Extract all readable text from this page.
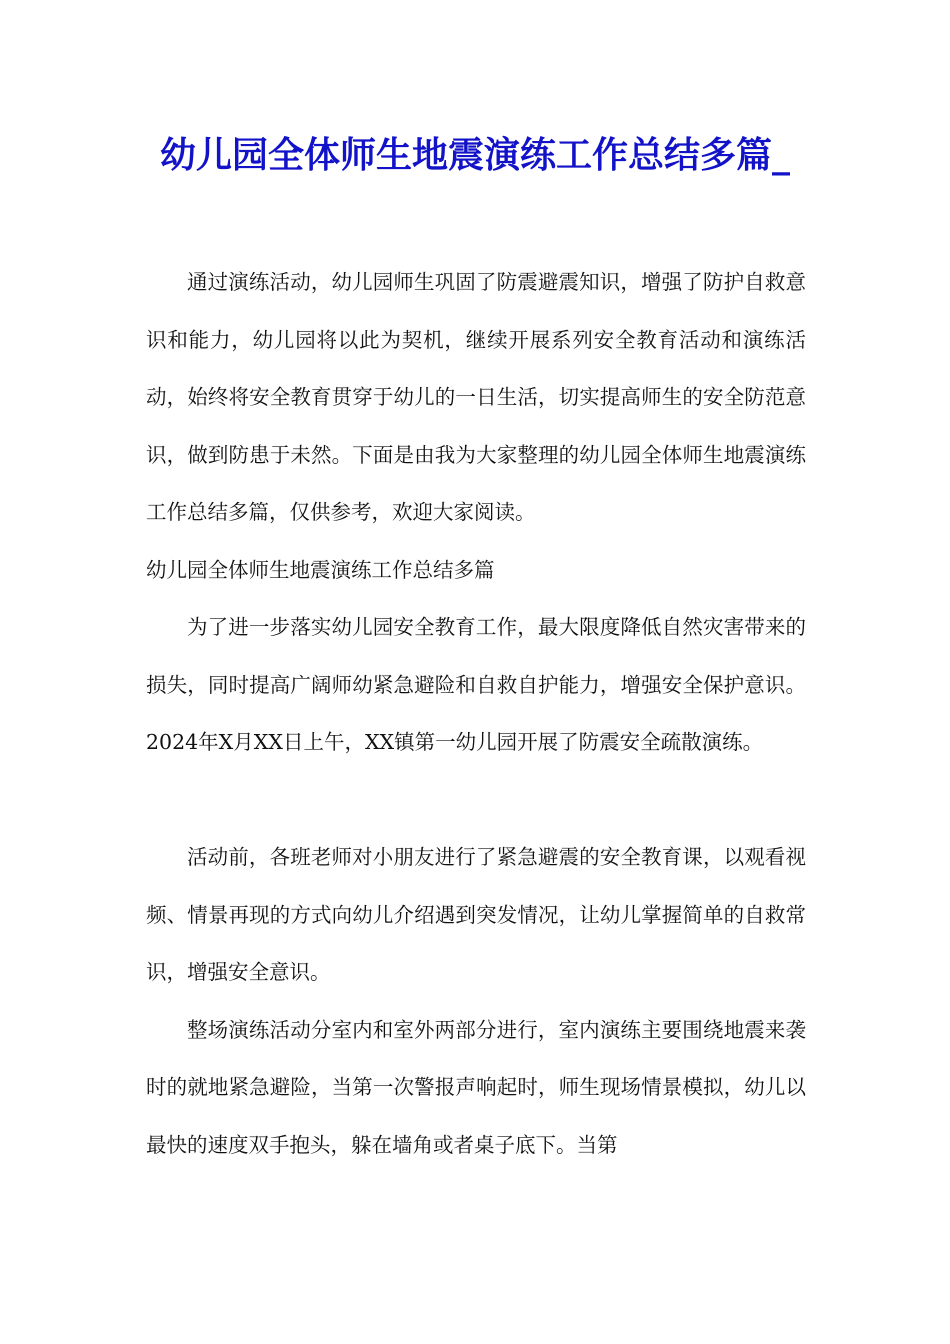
幼儿园全体师生地震演练工作总结多篇_

通过演练活动，幼儿园师生巩固了防震避震知识，增强了防护自救意识和能力，幼儿园将以此为契机，继续开展系列安全教育活动和演练活动，始终将安全教育贯穿于幼儿的一日生活，切实提高师生的安全防范意识，做到防患于未然。下面是由我为大家整理的幼儿园全体师生地震演练工作总结多篇，仅供参考，欢迎大家阅读。

幼儿园全体师生地震演练工作总结多篇

为了进一步落实幼儿园安全教育工作，最大限度降低自然灾害带来的损失，同时提高广阔师幼紧急避险和自救自护能力，增强安全保护意识。2024年X月XX日上午，XX镇第一幼儿园开展了防震安全疏散演练。

活动前，各班老师对小朋友进行了紧急避震的安全教育课，以观看视频、情景再现的方式向幼儿介绍遇到突发情况，让幼儿掌握简单的自救常识，增强安全意识。

整场演练活动分室内和室外两部分进行，室内演练主要围绕地震来袭时的就地紧急避险，当第一次警报声响起时，师生现场情景模拟，幼儿以最快的速度双手抱头，躲在墙角或者桌子底下。当第
